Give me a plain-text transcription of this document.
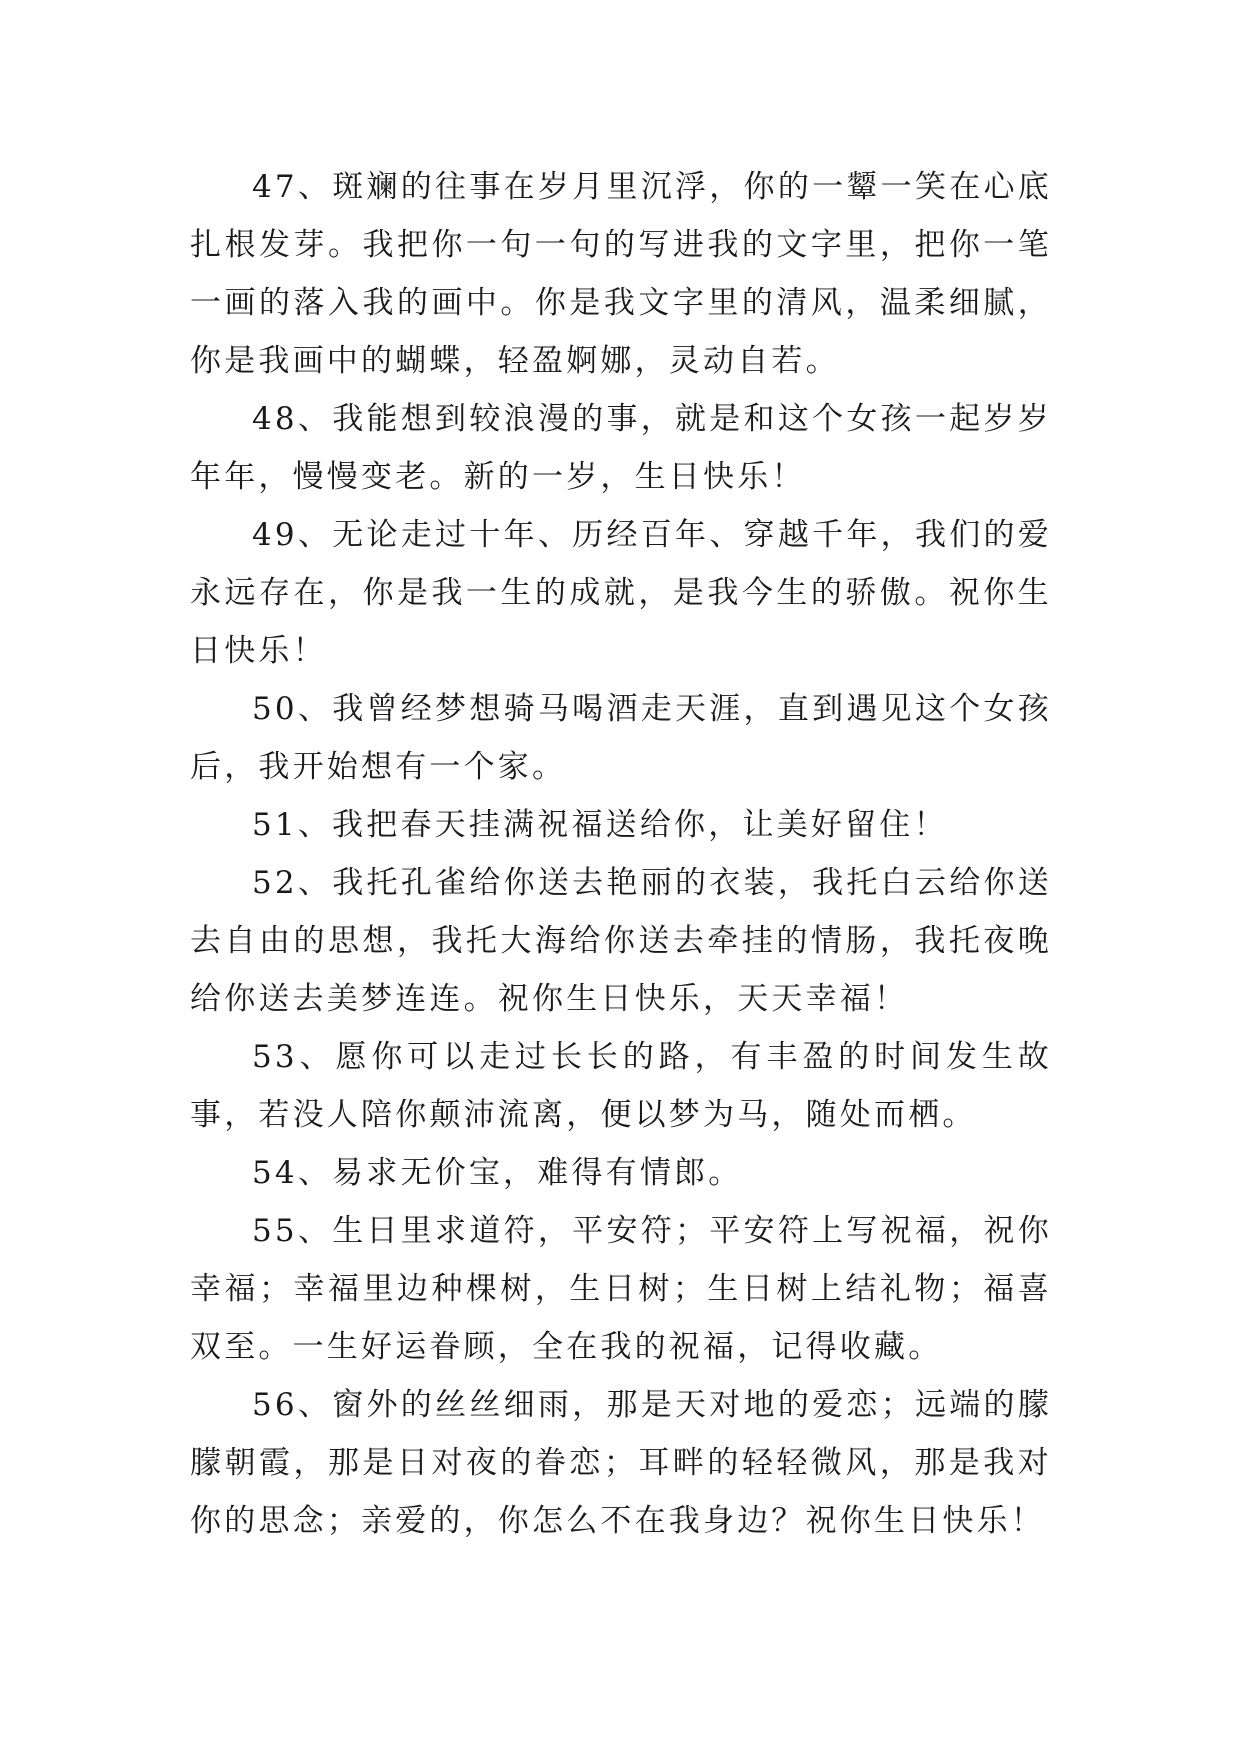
47、斑斓的往事在岁月里沉浮，你的一颦一笑在心底扎根发芽。我把你一句一句的写进我的文字里，把你一笔一画的落入我的画中。你是我文字里的清风，温柔细腻，你是我画中的蝴蝶，轻盈婀娜，灵动自若。

48、我能想到较浪漫的事，就是和这个女孩一起岁岁年年，慢慢变老。新的一岁，生日快乐！

49、无论走过十年、历经百年、穿越千年，我们的爱永远存在，你是我一生的成就，是我今生的骄傲。祝你生日快乐！

50、我曾经梦想骑马喝酒走天涯，直到遇见这个女孩后，我开始想有一个家。

51、我把春天挂满祝福送给你，让美好留住！

52、我托孔雀给你送去艳丽的衣装，我托白云给你送去自由的思想，我托大海给你送去牵挂的情肠，我托夜晚给你送去美梦连连。祝你生日快乐，天天幸福！

53、愿你可以走过长长的路，有丰盈的时间发生故事，若没人陪你颠沛流离，便以梦为马，随处而栖。

54、易求无价宝，难得有情郎。

55、生日里求道符，平安符；平安符上写祝福，祝你幸福；幸福里边种棵树，生日树；生日树上结礼物；福喜双至。一生好运眷顾，全在我的祝福，记得收藏。

56、窗外的丝丝细雨，那是天对地的爱恋；远端的朦朦朝霞，那是日对夜的眷恋；耳畔的轻轻微风，那是我对你的思念；亲爱的，你怎么不在我身边？祝你生日快乐！
